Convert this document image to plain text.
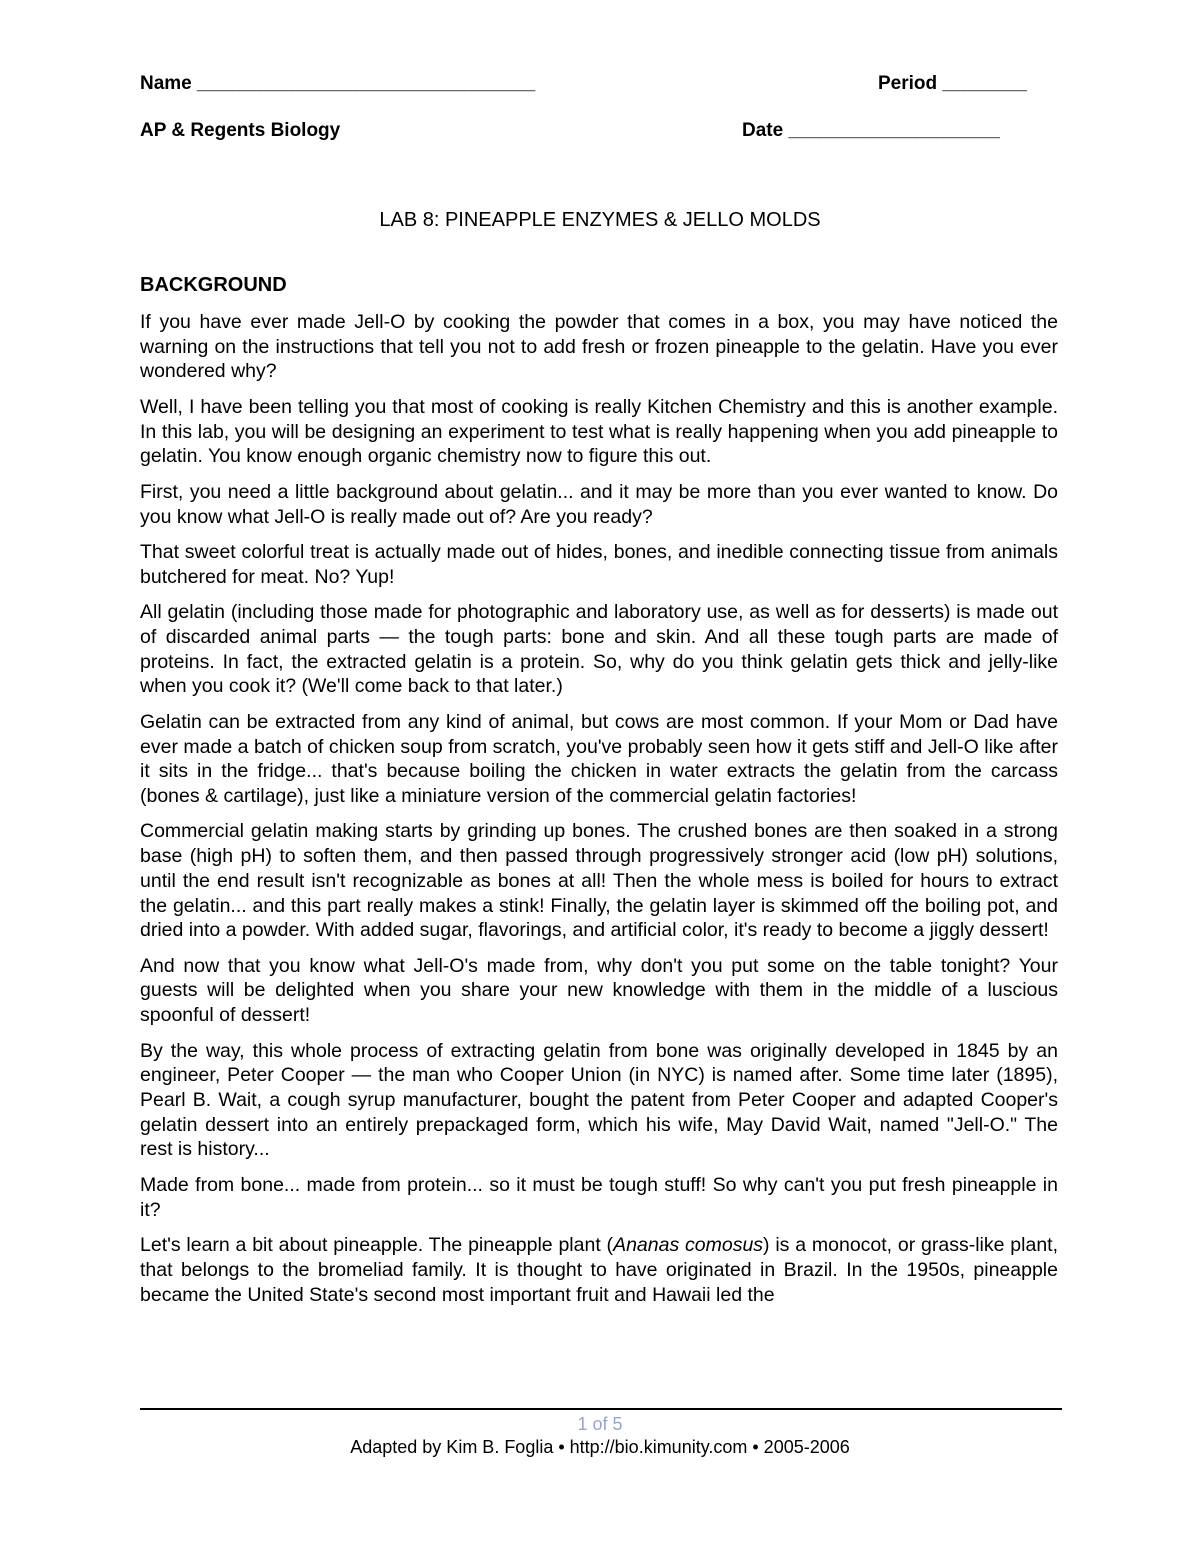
Name ________________________________	Period ________
AP & Regents Biology	Date ____________________
LAB 8: PINEAPPLE ENZYMES & JELLO MOLDS
BACKGROUND

If you have ever made Jell-O by cooking the powder that comes in a box, you may have noticed the warning on the instructions that tell you not to add fresh or frozen pineapple to the gelatin. Have you ever wondered why?

Well, I have been telling you that most of cooking is really Kitchen Chemistry and this is another example. In this lab, you will be designing an experiment to test what is really happening when you add pineapple to gelatin. You know enough organic chemistry now to figure this out.

First, you need a little background about gelatin... and it may be more than you ever wanted to know. Do you know what Jell-O is really made out of? Are you ready?

That sweet colorful treat is actually made out of hides, bones, and inedible connecting tissue from animals butchered for meat. No? Yup!

All gelatin (including those made for photographic and laboratory use, as well as for desserts) is made out of discarded animal parts — the tough parts: bone and skin. And all these tough parts are made of proteins. In fact, the extracted gelatin is a protein. So, why do you think gelatin gets thick and jelly-like when you cook it? (We'll come back to that later.)

Gelatin can be extracted from any kind of animal, but cows are most common. If your Mom or Dad have ever made a batch of chicken soup from scratch, you've probably seen how it gets stiff and Jell-O like after it sits in the fridge... that's because boiling the chicken in water extracts the gelatin from the carcass (bones & cartilage), just like a miniature version of the commercial gelatin factories!

Commercial gelatin making starts by grinding up bones. The crushed bones are then soaked in a strong base (high pH) to soften them, and then passed through progressively stronger acid (low pH) solutions, until the end result isn't recognizable as bones at all! Then the whole mess is boiled for hours to extract the gelatin... and this part really makes a stink! Finally, the gelatin layer is skimmed off the boiling pot, and dried into a powder. With added sugar, flavorings, and artificial color, it's ready to become a jiggly dessert!

And now that you know what Jell-O's made from, why don't you put some on the table tonight? Your guests will be delighted when you share your new knowledge with them in the middle of a luscious spoonful of dessert!

By the way, this whole process of extracting gelatin from bone was originally developed in 1845 by an engineer, Peter Cooper — the man who Cooper Union (in NYC) is named after. Some time later (1895), Pearl B. Wait, a cough syrup manufacturer, bought the patent from Peter Cooper and adapted Cooper's gelatin dessert into an entirely prepackaged form, which his wife, May David Wait, named "Jell-O." The rest is history...

Made from bone... made from protein... so it must be tough stuff! So why can't you put fresh pineapple in it?

Let's learn a bit about pineapple. The pineapple plant (Ananas comosus) is a monocot, or grass-like plant, that belongs to the bromeliad family. It is thought to have originated in Brazil. In the 1950s, pineapple became the United State's second most important fruit and Hawaii led the

1 of 5
Adapted by Kim B. Foglia • http://bio.kimunity.com • 2005-2006
